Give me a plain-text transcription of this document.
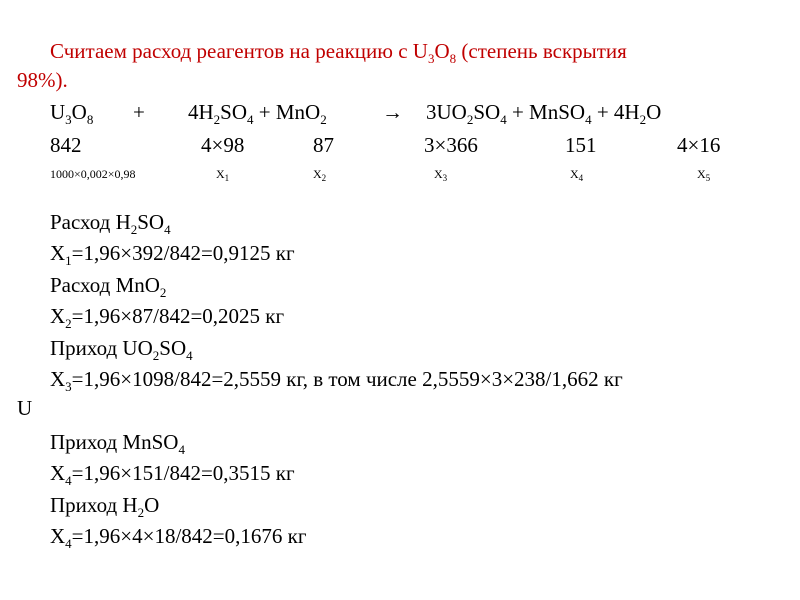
Считаем расход реагентов на реакцию с $U_3O_8$ (степень вскрытия
98%).
$U_3O_8 + 4H_2SO_4 + MnO_2$	→ $3UO_2SO_4$ + MnSO$_4$ + $4H_2O$
842	4×98	87	3×366	151	4×16
1000×0,002×0,98	$X_1$	$X_2$	$X_3$	$X_4$	$X_5$
Расход $H_2SO_4$
$X_1=1,96\times 392/842=0,9125$ кг
Расход MnO$_2$
$X_2=1,96\times 87/842=0,2025$ кг
Приход $UO_2SO_4$
$X_3=1,96\times 1098/842=2,5559$ кг, в том числе 2,5559×3×238/1,662 кг
U
Приход MnSO$_4$
$X_4=1,96\times 151/842=0,3515$ кг
Приход $H_2O$
$X_4=1,96\times 4\times 18/842=0,1676$ кг
